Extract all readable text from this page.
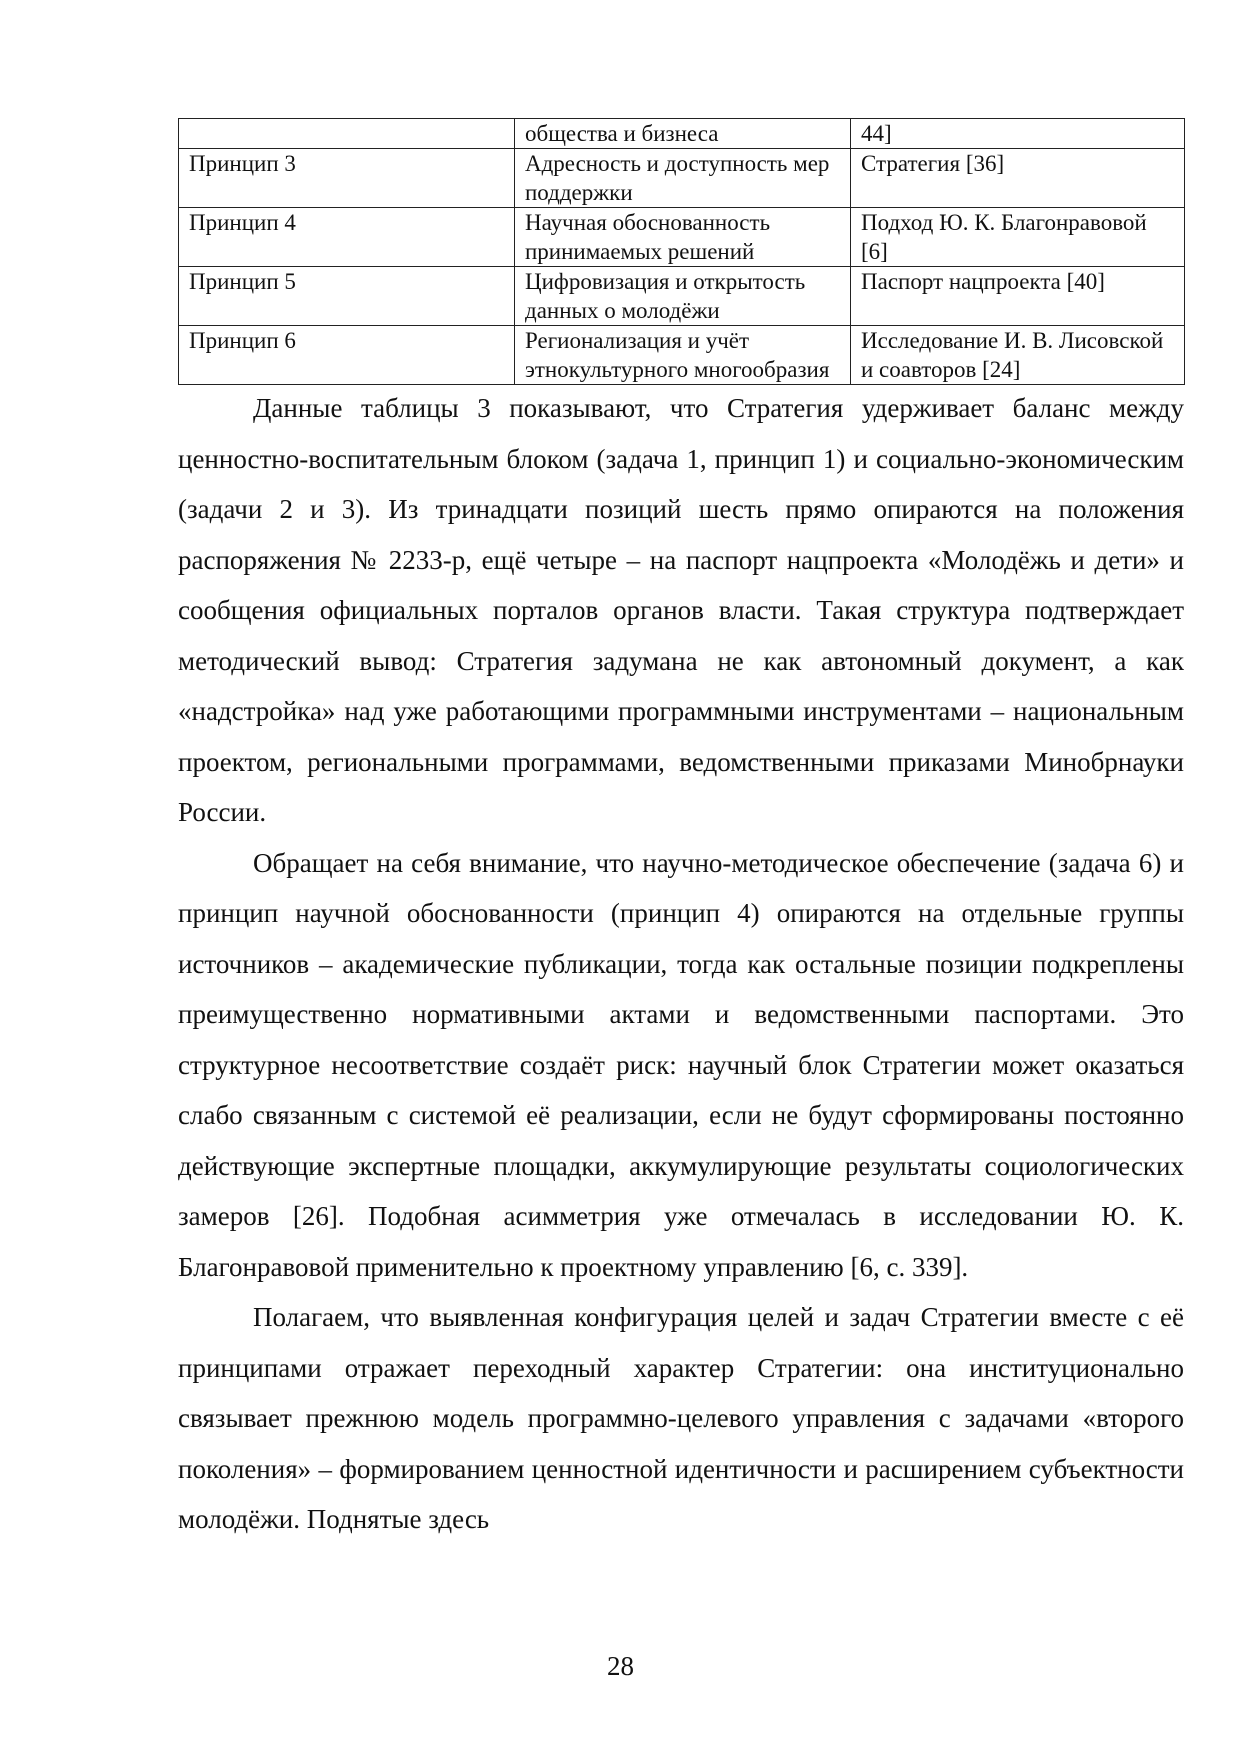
	общества и бизнеса	44]
Принцип 3	Адресность и доступность мер поддержки	Стратегия [36]
Принцип 4	Научная обоснованность принимаемых решений	Подход Ю. К. Благонравовой [6]
Принцип 5	Цифровизация и открытость данных о молодёжи	Паспорт нацпроекта [40]
Принцип 6	Регионализация и учёт этнокультурного многообразия	Исследование И. В. Лисовской и соавторов [24]

Данные таблицы 3 показывают, что Стратегия удерживает баланс между ценностно-воспитательным блоком (задача 1, принцип 1) и социально-экономическим (задачи 2 и 3). Из тринадцати позиций шесть прямо опираются на положения распоряжения № 2233-р, ещё четыре – на паспорт нацпроекта «Молодёжь и дети» и сообщения официальных порталов органов власти. Такая структура подтверждает методический вывод: Стратегия задумана не как автономный документ, а как «надстройка» над уже работающими программными инструментами – национальным проектом, региональными программами, ведомственными приказами Минобрнауки России.

Обращает на себя внимание, что научно-методическое обеспечение (задача 6) и принцип научной обоснованности (принцип 4) опираются на отдельные группы источников – академические публикации, тогда как остальные позиции подкреплены преимущественно нормативными актами и ведомственными паспортами. Это структурное несоответствие создаёт риск: научный блок Стратегии может оказаться слабо связанным с системой её реализации, если не будут сформированы постоянно действующие экспертные площадки, аккумулирующие результаты социологических замеров [26]. Подобная асимметрия уже отмечалась в исследовании Ю. К. Благонравовой применительно к проектному управлению [6, с. 339].

Полагаем, что выявленная конфигурация целей и задач Стратегии вместе с её принципами отражает переходный характер Стратегии: она институционально связывает прежнюю модель программно-целевого управления с задачами «второго поколения» – формированием ценностной идентичности и расширением субъектности молодёжи. Поднятые здесь

28
